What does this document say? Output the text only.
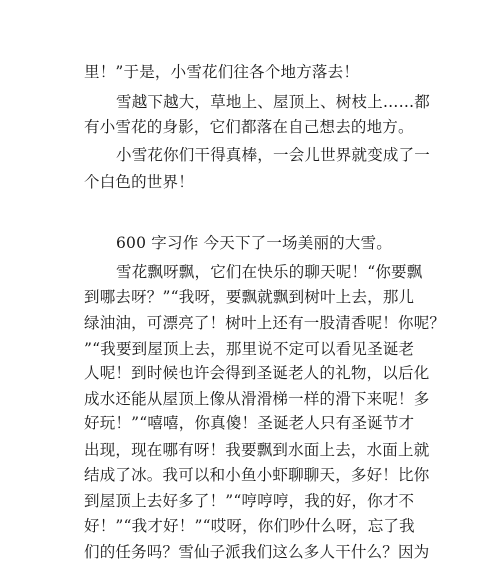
里！”于是，小雪花们往各个地方落去！
雪越下越大，草地上、屋顶上、树枝上……都
有小雪花的身影，它们都落在自己想去的地方。
小雪花你们干得真棒，一会儿世界就变成了一
个白色的世界！
600 字习作 今天下了一场美丽的大雪。
雪花飘呀飘，它们在快乐的聊天呢！“你要飘
到哪去呀？”“我呀，要飘就飘到树叶上去，那儿
绿油油，可漂亮了！树叶上还有一股清香呢！你呢？
”“我要到屋顶上去，那里说不定可以看见圣诞老
人呢！到时候也许会得到圣诞老人的礼物，以后化
成水还能从屋顶上像从滑滑梯一样的滑下来呢！多
好玩！”“嘻嘻，你真傻！圣诞老人只有圣诞节才
出现，现在哪有呀！我要飘到水面上去，水面上就
结成了冰。我可以和小鱼小虾聊聊天，多好！比你
到屋顶上去好多了！”“哼哼哼，我的好，你才不
好！”“我才好！”“哎呀，你们吵什么呀，忘了我
们的任务吗？雪仙子派我们这么多人干什么？因为
